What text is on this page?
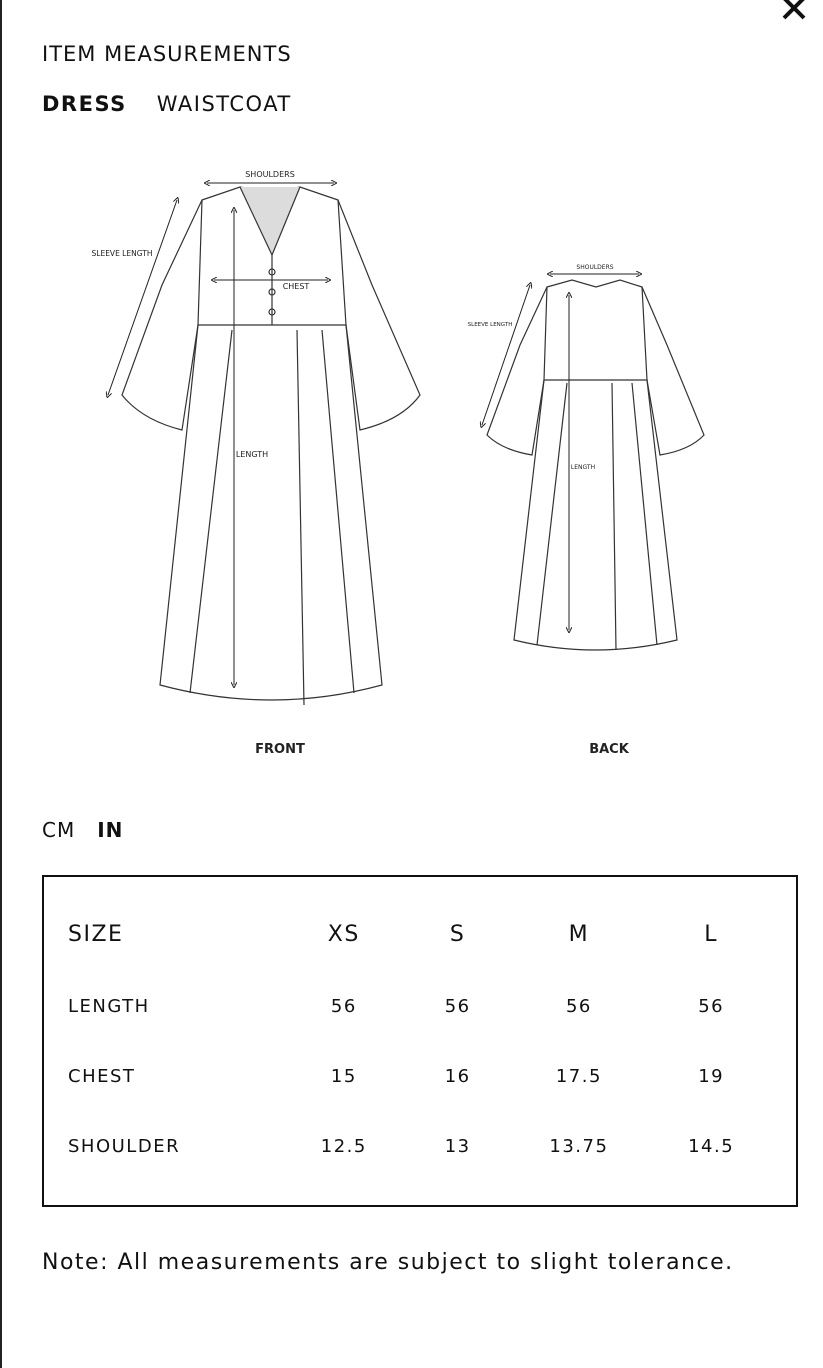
ITEM MEASUREMENTS
DRESS WAISTCOAT
SHOULDERS
SLEEVE LENGTH
CHEST
LENGTH
FRONT
SHOULDERS
SLEEVE LENGTH
LENGTH
BACK
CM IN
SIZE	XS	S	M	L
LENGTH	56	56	56	56
CHEST	15	16	17.5	19
SHOULDER	12.5	13	13.75	14.5
Note: All measurements are subject to slight tolerance.
